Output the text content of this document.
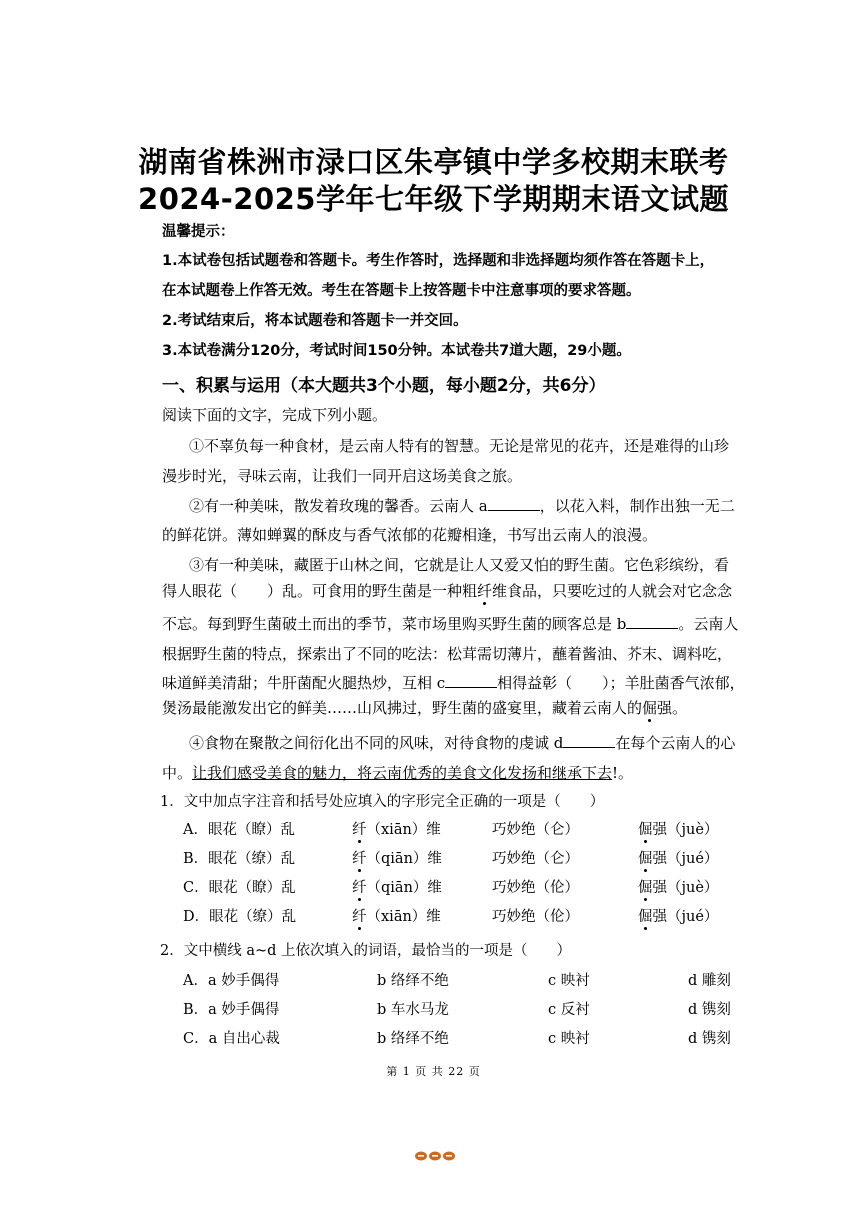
湖南省株洲市渌口区朱亭镇中学多校期末联考
2024-2025学年七年级下学期期末语文试题
温馨提示：
1.本试卷包括试题卷和答题卡。考生作答时，选择题和非选择题均须作答在答题卡上，
在本试题卷上作答无效。考生在答题卡上按答题卡中注意事项的要求答题。
2.考试结束后，将本试题卷和答题卡一并交回。
3.本试卷满分120分，考试时间150分钟。本试卷共7道大题，29小题。
一、积累与运用（本大题共3个小题，每小题2分，共6分）
阅读下面的文字，完成下列小题。
①不辜负每一种食材，是云南人特有的智慧。无论是常见的花卉，还是难得的山珍
漫步时光，寻味云南，让我们一同开启这场美食之旅。
②有一种美味，散发着玫瑰的馨香。云南人 a	，以花入料，制作出独一无二
的鲜花饼。薄如蝉翼的酥皮与香气浓郁的花瓣相逢，书写出云南人的浪漫。
③有一种美味，藏匿于山林之间，它就是让人又爱又怕的野生菌。它色彩缤纷，看
得人眼花（　　）乱。可食用的野生菌是一种粗纤维食品，只要吃过的人就会对它念念
不忘。每到野生菌破土而出的季节，菜市场里购买野生菌的顾客总是 b	。云南人
根据野生菌的特点，探索出了不同的吃法：松茸需切薄片，蘸着酱油、芥末、调料吃，
味道鲜美清甜；牛肝菌配火腿热炒，互相 c	相得益彰（　　）；羊肚菌香气浓郁，
煲汤最能激发出它的鲜美……山风拂过，野生菌的盛宴里，藏着云南人的倔强。
④食物在聚散之间衍化出不同的风味，对待食物的虔诚 d	在每个云南人的心
中。让我们感受美食的魅力，将云南优秀的美食文化发扬和继承下去!。
1．文中加点字注音和括号处应填入的字形完全正确的一项是（　　）
A．眼花（瞭）乱	纤（xiān）维	巧妙绝（仑）	倔强（juè）
B．眼花（缭）乱	纤（qiān）维	巧妙绝（仑）	倔强（jué）
C．眼花（瞭）乱	纤（qiān）维	巧妙绝（伦）	倔强（juè）
D．眼花（缭）乱	纤（xiān）维	巧妙绝（伦）	倔强（jué）
2．文中横线 a~d 上依次填入的词语，最恰当的一项是（　　）
A．a 妙手偶得	b 络绎不绝	c 映衬	d 雕刻
B．a 妙手偶得	b 车水马龙	c 反衬	d 镌刻
C．a 自出心裁	b 络绎不绝	c 映衬	d 镌刻
第 1 页 共 22 页
